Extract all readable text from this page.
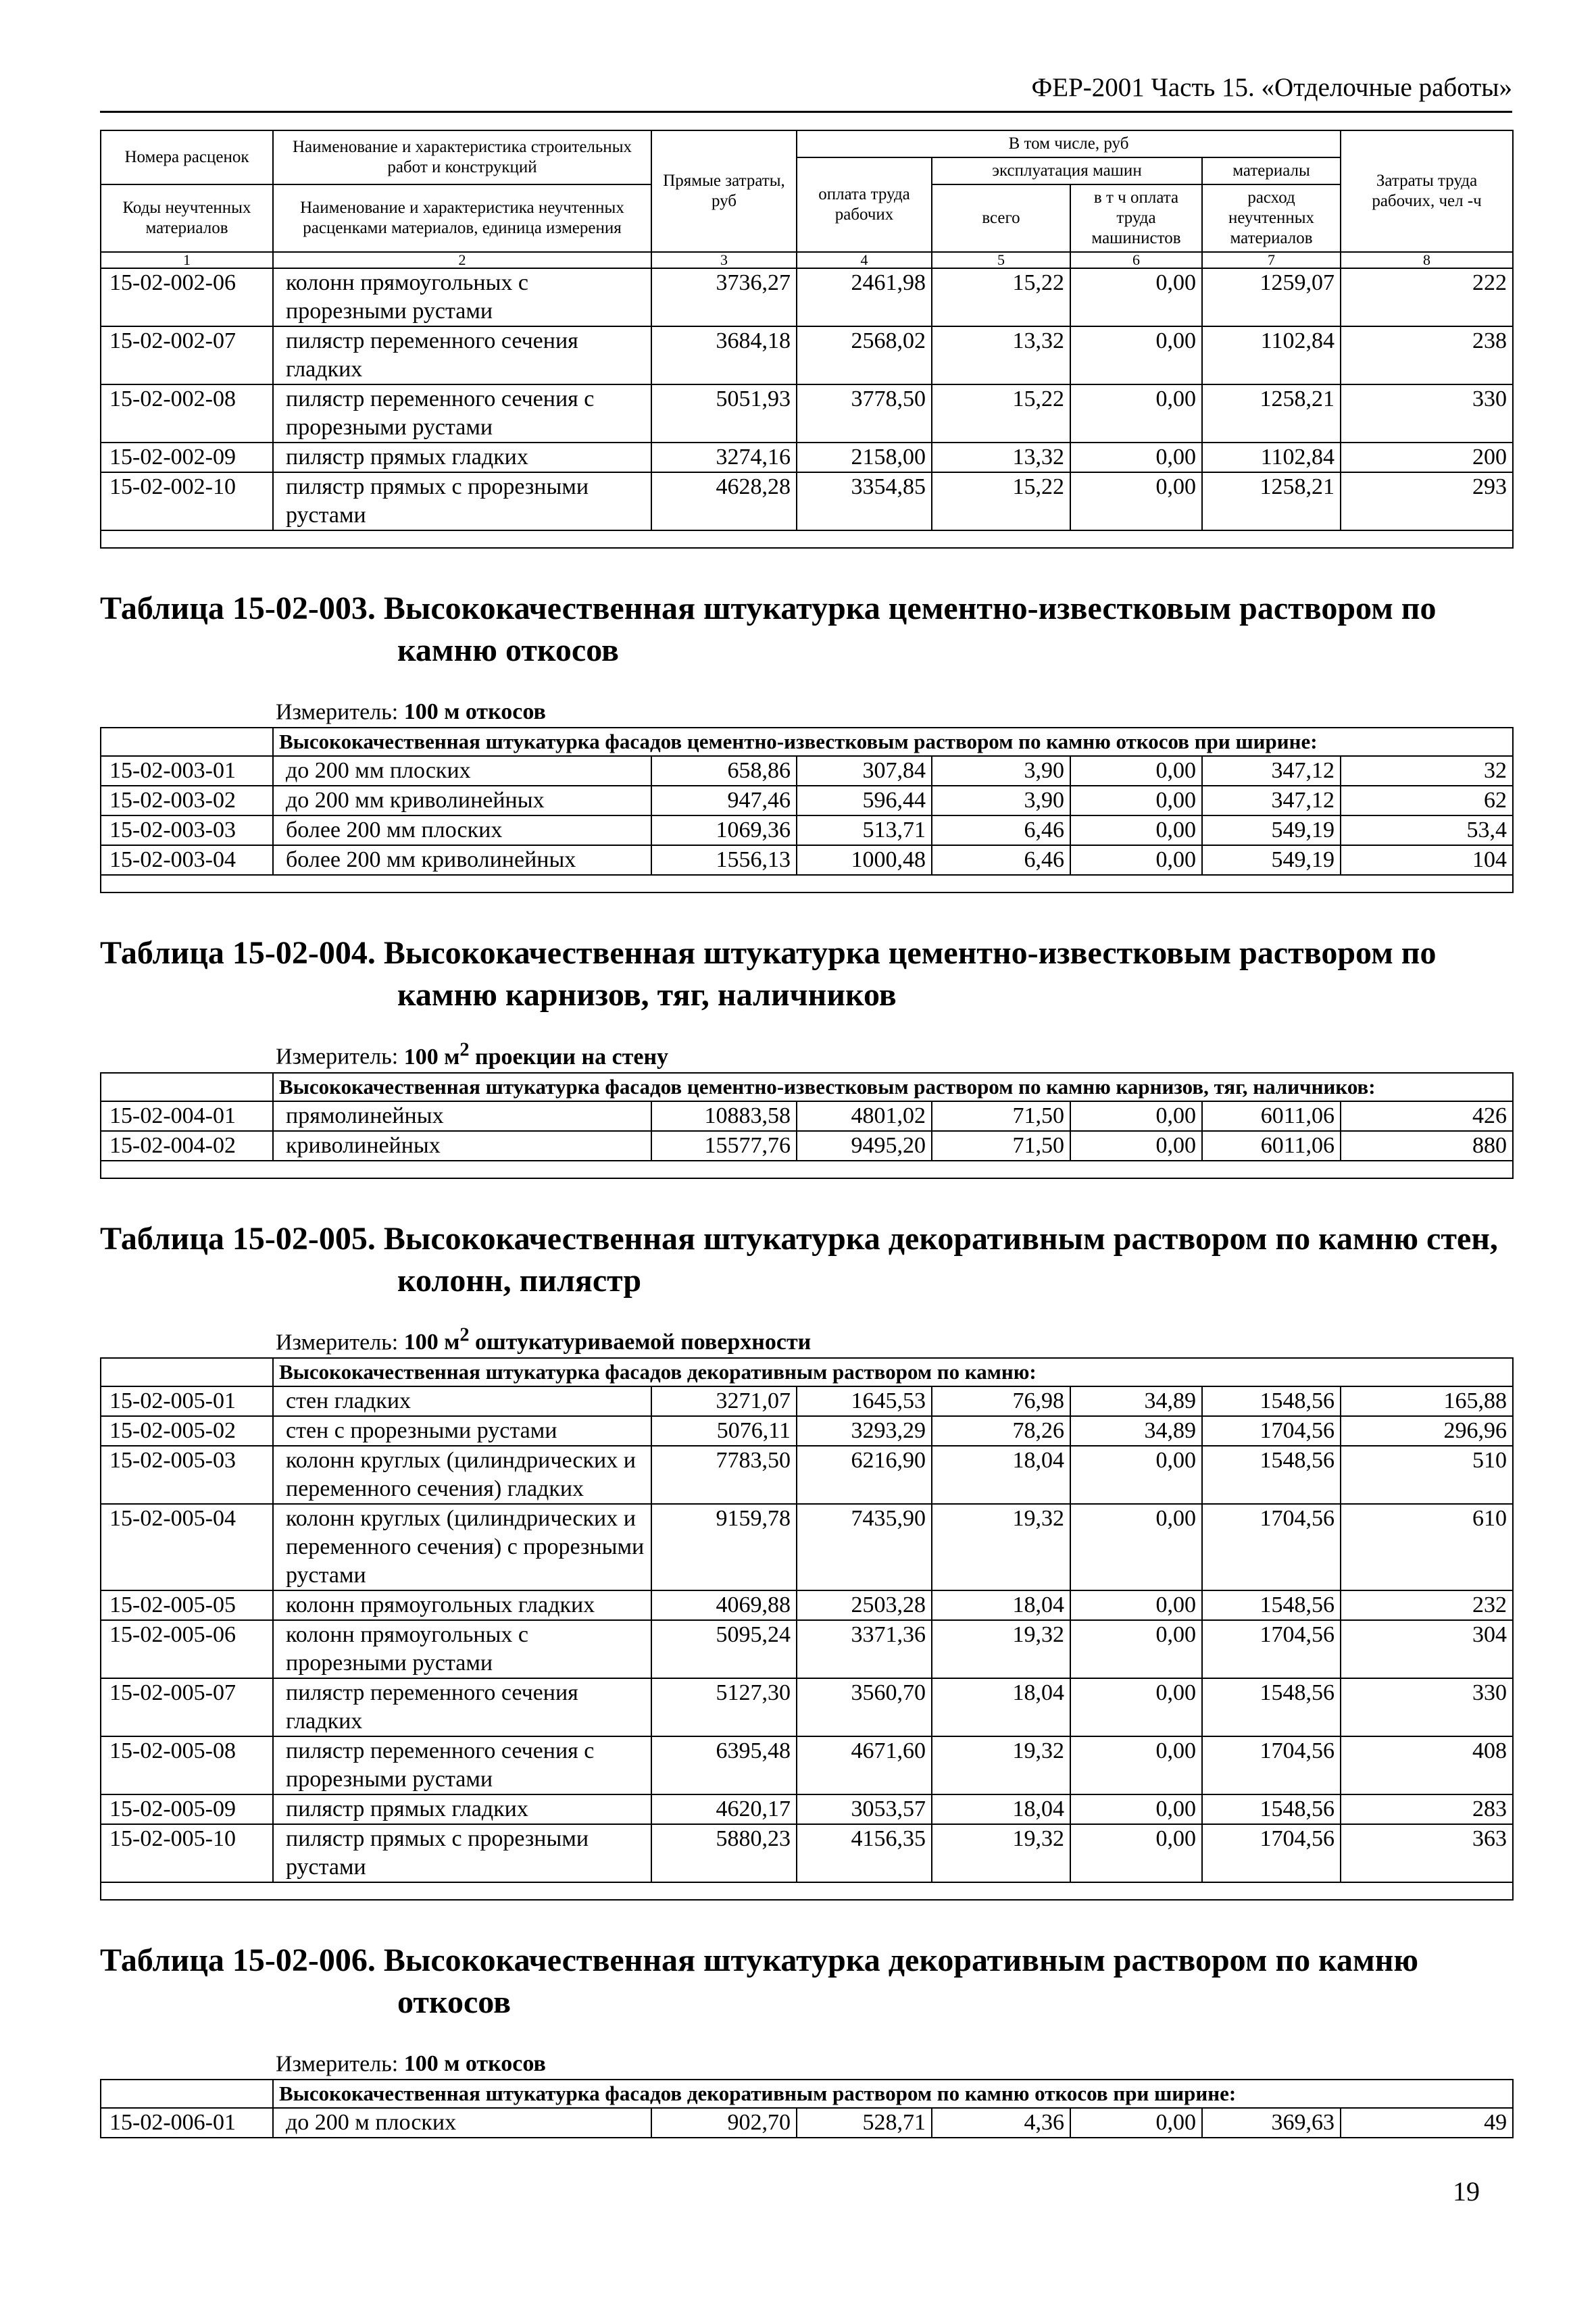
ФЕР-2001 Часть 15. «Отделочные работы»
Номера расценок	Наименование и характеристика строительных работ и конструкций	Прямые затраты, руб	В том числе, руб				Затраты труда рабочих, чел -ч
			оплата труда рабочих	эксплуатация машин		материалы	
Коды неучтенных материалов	Наименование и характеристика неучтенных расценками материалов, единица измерения			всего	в т ч оплата труда машинистов	расход неучтенных материалов	

1	2	3	4	5	6	7	8
15-02-002-06	колонн прямоугольных с прорезными рустами	3736,27	2461,98	15,22	0,00	1259,07	222
15-02-002-07	пилястр переменного сечения гладких	3684,18	2568,02	13,32	0,00	1102,84	238
15-02-002-08	пилястр переменного сечения с прорезными рустами	5051,93	3778,50	15,22	0,00	1258,21	330
15-02-002-09	пилястр прямых гладких	3274,16	2158,00	13,32	0,00	1102,84	200
15-02-002-10	пилястр прямых с прорезными рустами	4628,28	3354,85	15,22	0,00	1258,21	293

Таблица 15-02-003. Высококачественная штукатурка цементно-известковым раствором по камню откосов
Измеритель: 100 м откосов
	Высококачественная штукатурка фасадов цементно-известковым раствором по камню откосов при ширине:						
15-02-003-01	до 200 мм плоских	658,86	307,84	3,90	0,00	347,12	32
15-02-003-02	до 200 мм криволинейных	947,46	596,44	3,90	0,00	347,12	62
15-02-003-03	более 200 мм плоских	1069,36	513,71	6,46	0,00	549,19	53,4
15-02-003-04	более 200 мм криволинейных	1556,13	1000,48	6,46	0,00	549,19	104

Таблица 15-02-004. Высококачественная штукатурка цементно-известковым раствором по камню карнизов, тяг, наличников
Измеритель: 100 $м^2$ проекции на стену
	Высококачественная штукатурка фасадов цементно-известковым раствором по камню карнизов, тяг, наличников:						
15-02-004-01	прямолинейных	10883,58	4801,02	71,50	0,00	6011,06	426
15-02-004-02	криволинейных	15577,76	9495,20	71,50	0,00	6011,06	880

Таблица 15-02-005. Высококачественная штукатурка декоративным раствором по камню стен, колонн, пилястр
Измеритель: 100 $м^2$ оштукатуриваемой поверхности
	Высококачественная штукатурка фасадов декоративным раствором по камню:						
15-02-005-01	стен гладких	3271,07	1645,53	76,98	34,89	1548,56	165,88
15-02-005-02	стен с прорезными рустами	5076,11	3293,29	78,26	34,89	1704,56	296,96
15-02-005-03	колонн круглых (цилиндрических и переменного сечения) гладких	7783,50	6216,90	18,04	0,00	1548,56	510
15-02-005-04	колонн круглых (цилиндрических и переменного сечения) с прорезными рустами	9159,78	7435,90	19,32	0,00	1704,56	610
15-02-005-05	колонн прямоугольных гладких	4069,88	2503,28	18,04	0,00	1548,56	232
15-02-005-06	колонн прямоугольных с прорезными рустами	5095,24	3371,36	19,32	0,00	1704,56	304
15-02-005-07	пилястр переменного сечения гладких	5127,30	3560,70	18,04	0,00	1548,56	330
15-02-005-08	пилястр переменного сечения с прорезными рустами	6395,48	4671,60	19,32	0,00	1704,56	408
15-02-005-09	пилястр прямых гладких	4620,17	3053,57	18,04	0,00	1548,56	283
15-02-005-10	пилястр прямых с прорезными рустами	5880,23	4156,35	19,32	0,00	1704,56	363

Таблица 15-02-006. Высококачественная штукатурка декоративным раствором по камню откосов
Измеритель: 100 м откосов
	Высококачественная штукатурка фасадов декоративным раствором по камню откосов при ширине:						
15-02-006-01	до 200 м плоских	902,70	528,71	4,36	0,00	369,63	49
19
